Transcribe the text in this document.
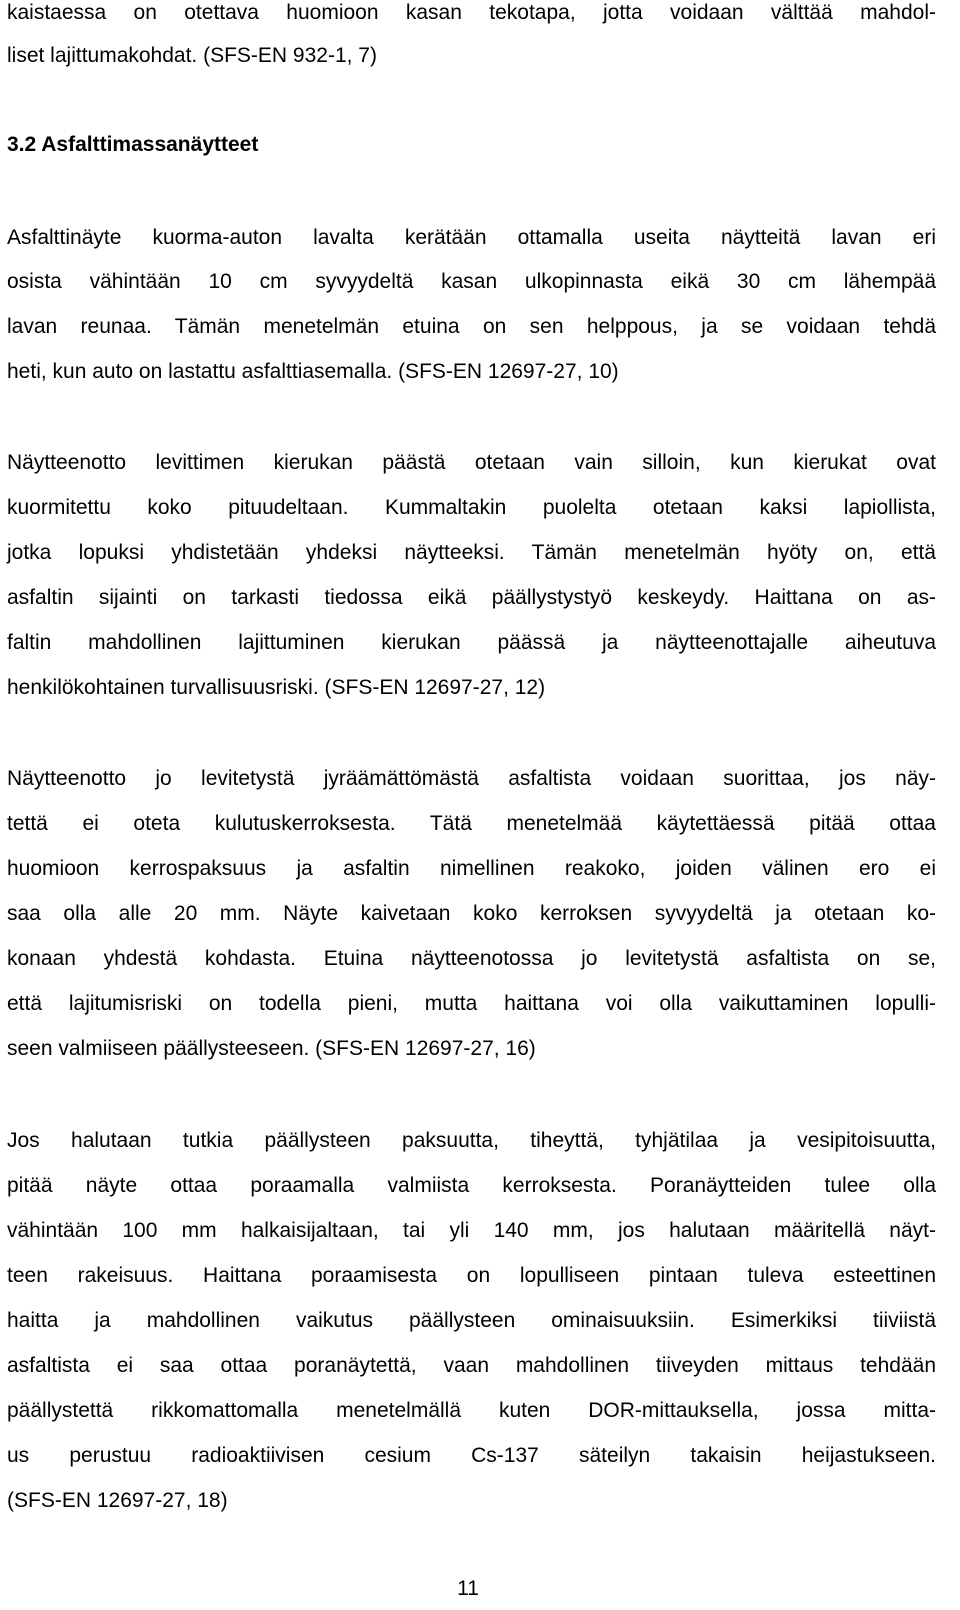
kaistaessa on otettava huomioon kasan tekotapa, jotta voidaan välttää mahdol-
liset lajittumakohdat. (SFS-EN 932-1, 7)
3.2 Asfalttimassanäytteet
Asfalttinäyte kuorma-auton lavalta kerätään ottamalla useita näytteitä lavan eri
osista vähintään 10 cm syvyydeltä kasan ulkopinnasta eikä 30 cm lähempää
lavan reunaa. Tämän menetelmän etuina on sen helppous, ja se voidaan tehdä
heti, kun auto on lastattu asfalttiasemalla. (SFS-EN 12697-27, 10)
Näytteenotto levittimen kierukan päästä otetaan vain silloin, kun kierukat ovat
kuormitettu koko pituudeltaan. Kummaltakin puolelta otetaan kaksi lapiollista,
jotka lopuksi yhdistetään yhdeksi näytteeksi. Tämän menetelmän hyöty on, että
asfaltin sijainti on tarkasti tiedossa eikä päällystystyö keskeydy. Haittana on as-
faltin mahdollinen lajittuminen kierukan päässä ja näytteenottajalle aiheutuva
henkilökohtainen turvallisuusriski. (SFS-EN 12697-27, 12)
Näytteenotto jo levitetystä jyräämättömästä asfaltista voidaan suorittaa, jos näy-
tettä ei oteta kulutuskerroksesta. Tätä menetelmää käytettäessä pitää ottaa
huomioon kerrospaksuus ja asfaltin nimellinen reakoko, joiden välinen ero ei
saa olla alle 20 mm. Näyte kaivetaan koko kerroksen syvyydeltä ja otetaan ko-
konaan yhdestä kohdasta. Etuina näytteenotossa jo levitetystä asfaltista on se,
että lajitumisriski on todella pieni, mutta haittana voi olla vaikuttaminen lopulli-
seen valmiiseen päällysteeseen. (SFS-EN 12697-27, 16)
Jos halutaan tutkia päällysteen paksuutta, tiheyttä, tyhjätilaa ja vesipitoisuutta,
pitää näyte ottaa poraamalla valmiista kerroksesta. Poranäytteiden tulee olla
vähintään 100 mm halkaisijaltaan, tai yli 140 mm, jos halutaan määritellä näyt-
teen rakeisuus. Haittana poraamisesta on lopulliseen pintaan tuleva esteettinen
haitta ja mahdollinen vaikutus päällysteen ominaisuuksiin. Esimerkiksi tiiviistä
asfaltista ei saa ottaa poranäytettä, vaan mahdollinen tiiveyden mittaus tehdään
päällystettä rikkomattomalla menetelmällä kuten DOR-mittauksella, jossa mitta-
us perustuu radioaktiivisen cesium Cs-137 säteilyn takaisin heijastukseen.
(SFS-EN 12697-27, 18)
11
